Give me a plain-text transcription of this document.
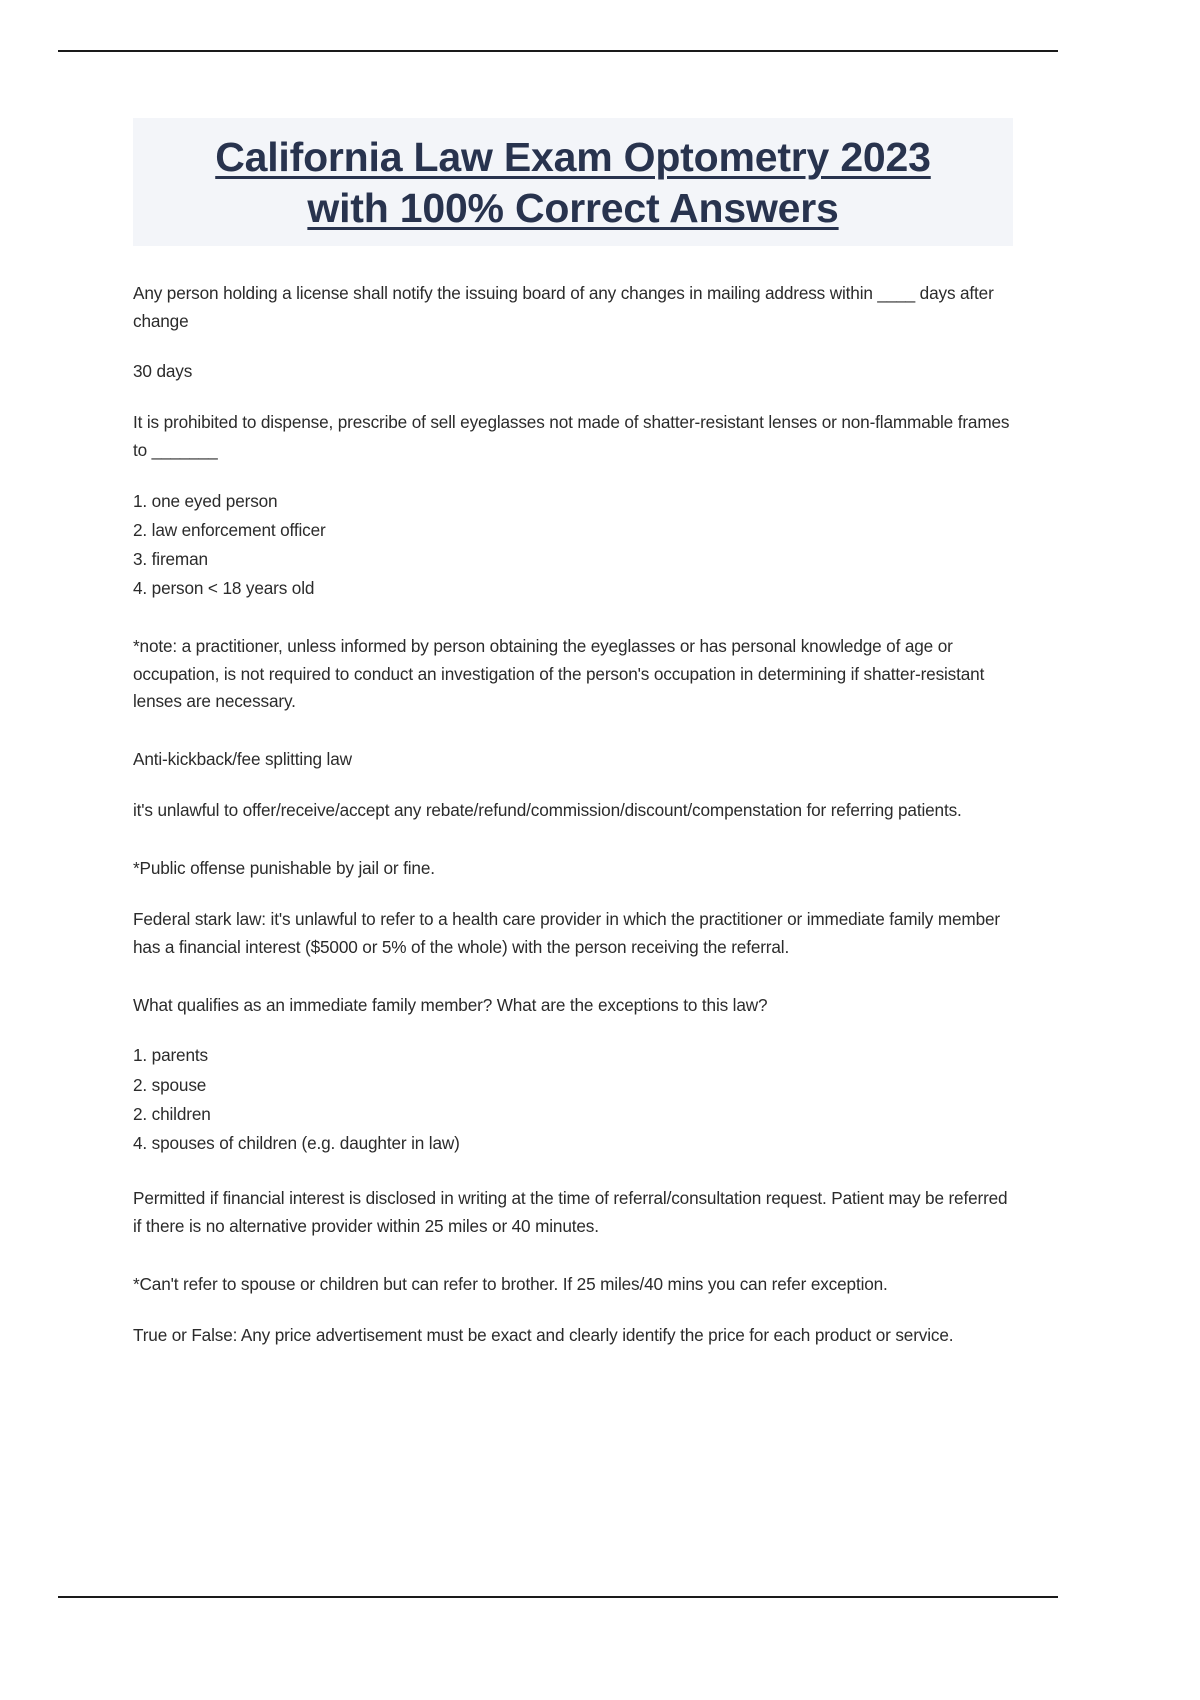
California Law Exam Optometry 2023
with 100% Correct Answers

Any person holding a license shall notify the issuing board of any changes in mailing address within ____ days after change

30 days

It is prohibited to dispense, prescribe of sell eyeglasses not made of shatter-resistant lenses or non-flammable frames to _______

1. one eyed person
2. law enforcement officer
3. fireman
4. person < 18 years old

*note: a practitioner, unless informed by person obtaining the eyeglasses or has personal knowledge of age or occupation, is not required to conduct an investigation of the person's occupation in determining if shatter-resistant lenses are necessary.

Anti-kickback/fee splitting law

it's unlawful to offer/receive/accept any rebate/refund/commission/discount/compenstation for referring patients.

*Public offense punishable by jail or fine.

Federal stark law: it's unlawful to refer to a health care provider in which the practitioner or immediate family member has a financial interest ($5000 or 5% of the whole) with the person receiving the referral.

What qualifies as an immediate family member? What are the exceptions to this law?

1. parents
2. spouse
2. children
4. spouses of children (e.g. daughter in law)

Permitted if financial interest is disclosed in writing at the time of referral/consultation request. Patient may be referred if there is no alternative provider within 25 miles or 40 minutes.

*Can't refer to spouse or children but can refer to brother. If 25 miles/40 mins you can refer exception.

True or False: Any price advertisement must be exact and clearly identify the price for each product or service.
